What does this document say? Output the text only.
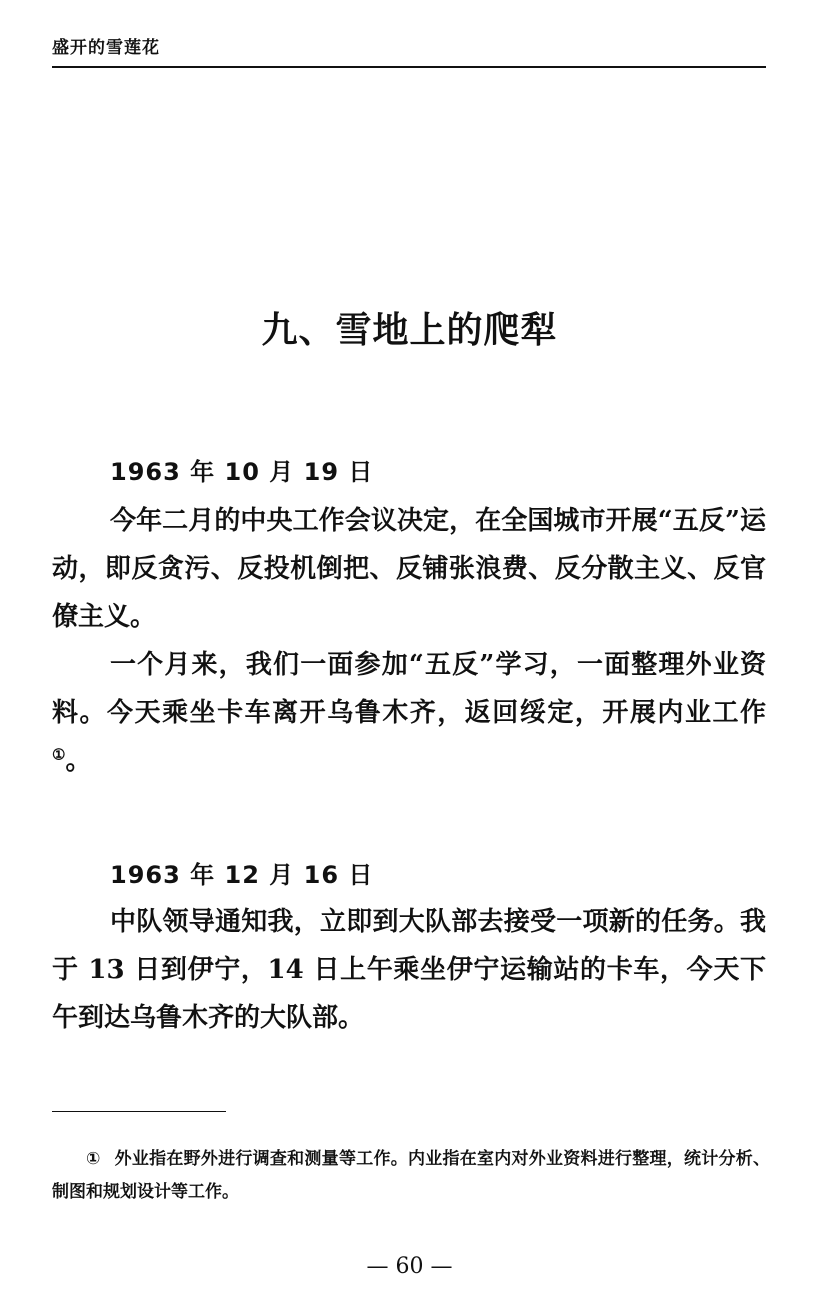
盛开的雪莲花
九、雪地上的爬犁
1963 年 10 月 19 日

今年二月的中央工作会议决定，在全国城市开展“五反”运动，即反贪污、反投机倒把、反铺张浪费、反分散主义、反官僚主义。

一个月来，我们一面参加“五反”学习，一面整理外业资料。今天乘坐卡车离开乌鲁木齐，返回绥定，开展内业工作①。

1963 年 12 月 16 日

中队领导通知我，立即到大队部去接受一项新的任务。我于 13 日到伊宁，14 日上午乘坐伊宁运输站的卡车，今天下午到达乌鲁木齐的大队部。

① 外业指在野外进行调查和测量等工作。内业指在室内对外业资料进行整理，统计分析、制图和规划设计等工作。

— 60 —
